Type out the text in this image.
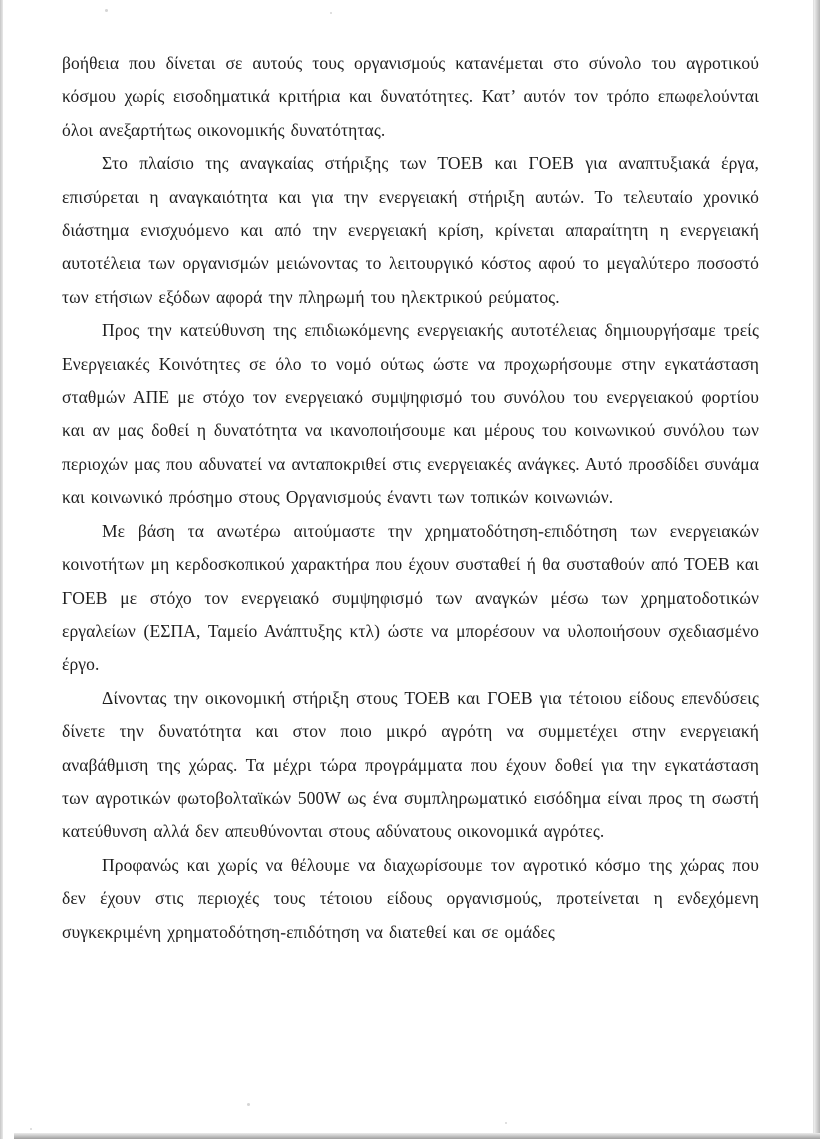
βοήθεια που δίνεται σε αυτούς τους οργανισμούς κατανέμεται στο σύνολο του αγροτικού κόσμου χωρίς εισοδηματικά κριτήρια και δυνατότητες. Κατ’ αυτόν τον τρόπο επωφελούνται όλοι ανεξαρτήτως οικονομικής δυνατότητας.

Στο πλαίσιο της αναγκαίας στήριξης των ΤΟΕΒ και ΓΟΕΒ για αναπτυξιακά έργα, επισύρεται η αναγκαιότητα και για την ενεργειακή στήριξη αυτών. Το τελευταίο χρονικό διάστημα ενισχυόμενο και από την ενεργειακή κρίση, κρίνεται απαραίτητη η ενεργειακή αυτοτέλεια των οργανισμών μειώνοντας το λειτουργικό κόστος αφού το μεγαλύτερο ποσοστό των ετήσιων εξόδων αφορά την πληρωμή του ηλεκτρικού ρεύματος.

Προς την κατεύθυνση της επιδιωκόμενης ενεργειακής αυτοτέλειας δημιουργήσαμε τρείς Ενεργειακές Κοινότητες σε όλο το νομό ούτως ώστε να προχωρήσουμε στην εγκατάσταση σταθμών ΑΠΕ με στόχο τον ενεργειακό συμψηφισμό του συνόλου του ενεργειακού φορτίου και αν μας δοθεί η δυνατότητα να ικανοποιήσουμε και μέρους του κοινωνικού συνόλου των περιοχών μας που αδυνατεί να ανταποκριθεί στις ενεργειακές ανάγκες. Αυτό προσδίδει συνάμα και κοινωνικό πρόσημο στους Οργανισμούς έναντι των τοπικών κοινωνιών.

Με βάση τα ανωτέρω αιτούμαστε την χρηματοδότηση-επιδότηση των ενεργειακών κοινοτήτων μη κερδοσκοπικού χαρακτήρα που έχουν συσταθεί ή θα συσταθούν από ΤΟΕΒ και ΓΟΕΒ με στόχο τον ενεργειακό συμψηφισμό των αναγκών μέσω των χρηματοδοτικών εργαλείων (ΕΣΠΑ, Ταμείο Ανάπτυξης κτλ) ώστε να μπορέσουν να υλοποιήσουν σχεδιασμένο έργο.

Δίνοντας την οικονομική στήριξη στους ΤΟΕΒ και ΓΟΕΒ για τέτοιου είδους επενδύσεις δίνετε την δυνατότητα και στον ποιο μικρό αγρότη να συμμετέχει στην ενεργειακή αναβάθμιση της χώρας. Τα μέχρι τώρα προγράμματα που έχουν δοθεί για την εγκατάσταση των αγροτικών φωτοβολταϊκών 500W ως ένα συμπληρωματικό εισόδημα είναι προς τη σωστή κατεύθυνση αλλά δεν απευθύνονται στους αδύνατους οικονομικά αγρότες.

Προφανώς και χωρίς να θέλουμε να διαχωρίσουμε τον αγροτικό κόσμο της χώρας που δεν έχουν στις περιοχές τους τέτοιου είδους οργανισμούς, προτείνεται η ενδεχόμενη συγκεκριμένη χρηματοδότηση-επιδότηση να διατεθεί και σε ομάδες
